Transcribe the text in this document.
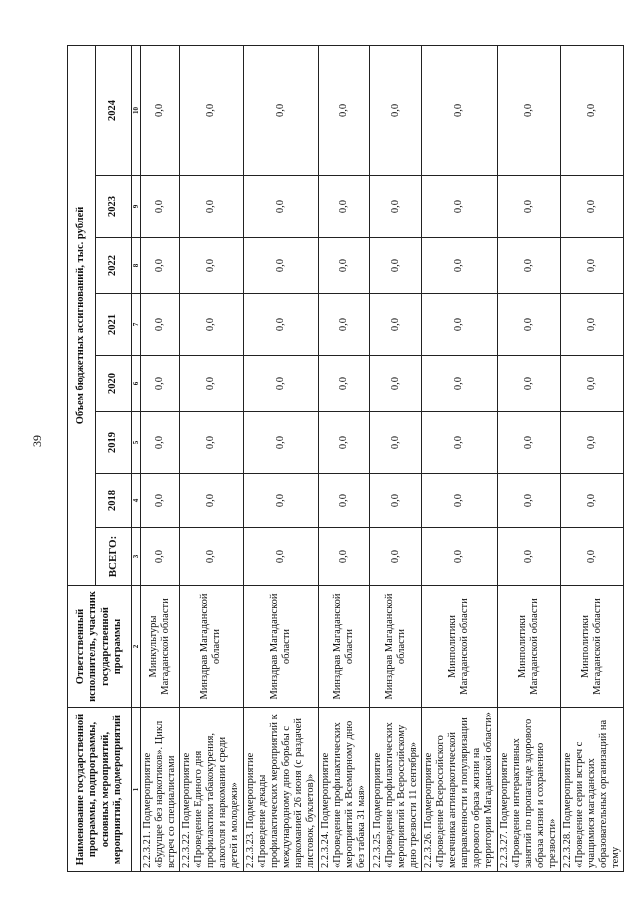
39
Наименование государственной программы, подпрограммы, основных мероприятий, мероприятий, подмероприятий	Ответственный исполнитель, участник государственной программы	Объем бюджетных ассигнований, тыс. рублей							
		ВСЕГО:	2018	2019	2020	2021	2022	2023	2024
1	2	3	4	5	6	7	8	9	10
2.2.3.21. Подмероприятие «Будущее без наркотиков». Цикл встреч со специалистами	Минкультуры Магаданской области	0,0	0,0	0,0	0,0	0,0	0,0	0,0	0,0
2.2.3.22. Подмероприятие «Проведение Единого дня профилактики табакокурения, алкоголя и наркомании среди детей и молодежи»	Минздрав Магаданской области	0,0	0,0	0,0	0,0	0,0	0,0	0,0	0,0
2.2.3.23. Подмероприятие «Проведение декады профилактических мероприятий к международному дню борьбы с наркоманией 26 июня (с раздачей листовок, буклетов)»	Минздрав Магаданской области	0,0	0,0	0,0	0,0	0,0	0,0	0,0	0,0
2.2.3.24. Подмероприятие «Проведение профилактических мероприятий к Всемирному дню без табака 31 мая»	Минздрав Магаданской области	0,0	0,0	0,0	0,0	0,0	0,0	0,0	0,0
2.2.3.25. Подмероприятие «Проведение профилактических мероприятий к Всероссийскому дню трезвости 11 сентября»	Минздрав Магаданской области	0,0	0,0	0,0	0,0	0,0	0,0	0,0	0,0
2.2.3.26. Подмероприятие «Проведение Всероссийского месячника антинаркотической направленности и популяризации здорового образа жизни на территории Магаданской области»	Минполитики Магаданской области	0,0	0,0	0,0	0,0	0,0	0,0	0,0	0,0
2.2.3.27. Подмероприятие «Проведение интерактивных занятий по пропаганде здорового образа жизни и сохранению трезвости»	Минполитики Магаданской области	0,0	0,0	0,0	0,0	0,0	0,0	0,0	0,0
2.2.3.28. Подмероприятие «Проведение серии встреч с учащимися магаданских образовательных организаций на тему	Минполитики Магаданской области	0,0	0,0	0,0	0,0	0,0	0,0	0,0	0,0
